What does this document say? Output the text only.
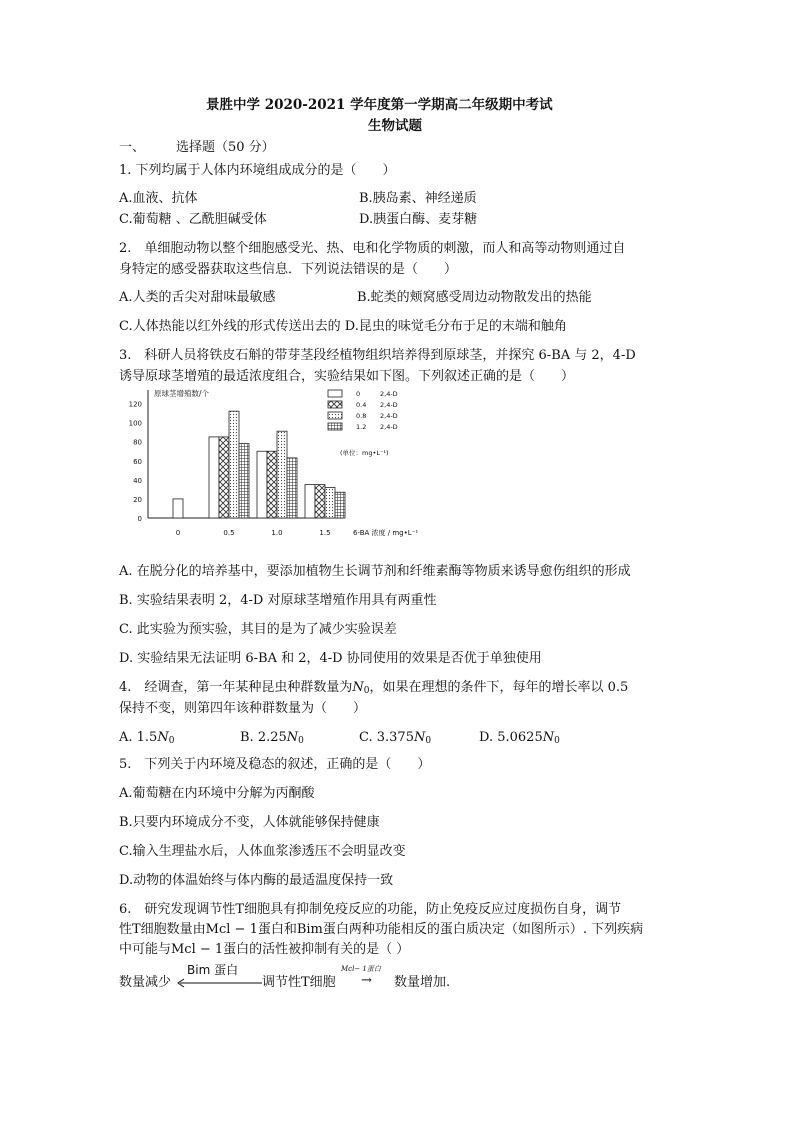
景胜中学 2020-2021 学年度第一学期高二年级期中考试
生物试题
一、 选择题（50 分）
1. 下列均属于人体内环境组成成分的是（　　）
A.血液、抗体	B.胰岛素、神经递质
C.葡萄糖 、乙酰胆碱受体	D.胰蛋白酶、麦芽糖
2.　单细胞动物以整个细胞感受光、热、电和化学物质的刺激，而人和高等动物则通过自
身特定的感受器获取这些信息．下列说法错误的是（　　）
A.人类的舌尖对甜味最敏感	B.蛇类的颊窝感受周边动物散发出的热能
C.人体热能以红外线的形式传送出去的 D.昆虫的味觉毛分布于足的末端和触角
3.　科研人员将铁皮石斛的带芽茎段经植物组织培养得到原球茎，并探究 6-BA 与 2，4-D
诱导原球茎增殖的最适浓度组合，实验结果如下图。下列叙述正确的是（　　）
0
20
40
60
80
100
120
原球茎增殖数/个
0	0.5	1.0	1.5	6-BA 浓度 / mg•L⁻¹
0	2,4-D
0.4 2,4-D
0.8 2,4-D
1.2 2,4-D
(单位：mg•L⁻¹)
A. 在脱分化的培养基中，要添加植物生长调节剂和纤维素酶等物质来诱导愈伤组织的形成
B. 实验结果表明 2，4-D 对原球茎增殖作用具有两重性
C. 此实验为预实验，其目的是为了减少实验误差
D. 实验结果无法证明 6-BA 和 2，4-D 协同使用的效果是否优于单独使用
4.　经调查，第一年某种昆虫种群数量为$N_0$，如果在理想的条件下，每年的增长率以 0.5
保持不变，则第四年该种群数量为（　　）
A. $1.5N_0$	B. $2.25N_0$	C. $3.375N_0$	D. $5.0625N_0$
5.　下列关于内环境及稳态的叙述，正确的是（　　）
A.葡萄糖在内环境中分解为丙酮酸
B.只要内环境成分不变，人体就能够保持健康
C.输入生理盐水后，人体血浆渗透压不会明显改变
D.动物的体温始终与体内酶的最适温度保持一致
6.　研究发现调节性T细胞具有抑制免疫反应的功能，防止免疫反应过度损伤自身，调节
性T细胞数量由Mcl − 1蛋白和Bim蛋白两种功能相反的蛋白质决定（如图所示）. 下列疾病
中可能与Mcl − 1蛋白的活性被抑制有关的是（ ）
数量减少
Bim 蛋白
调节性T细胞
Mcl− 1蛋白
→ 数量增加.
